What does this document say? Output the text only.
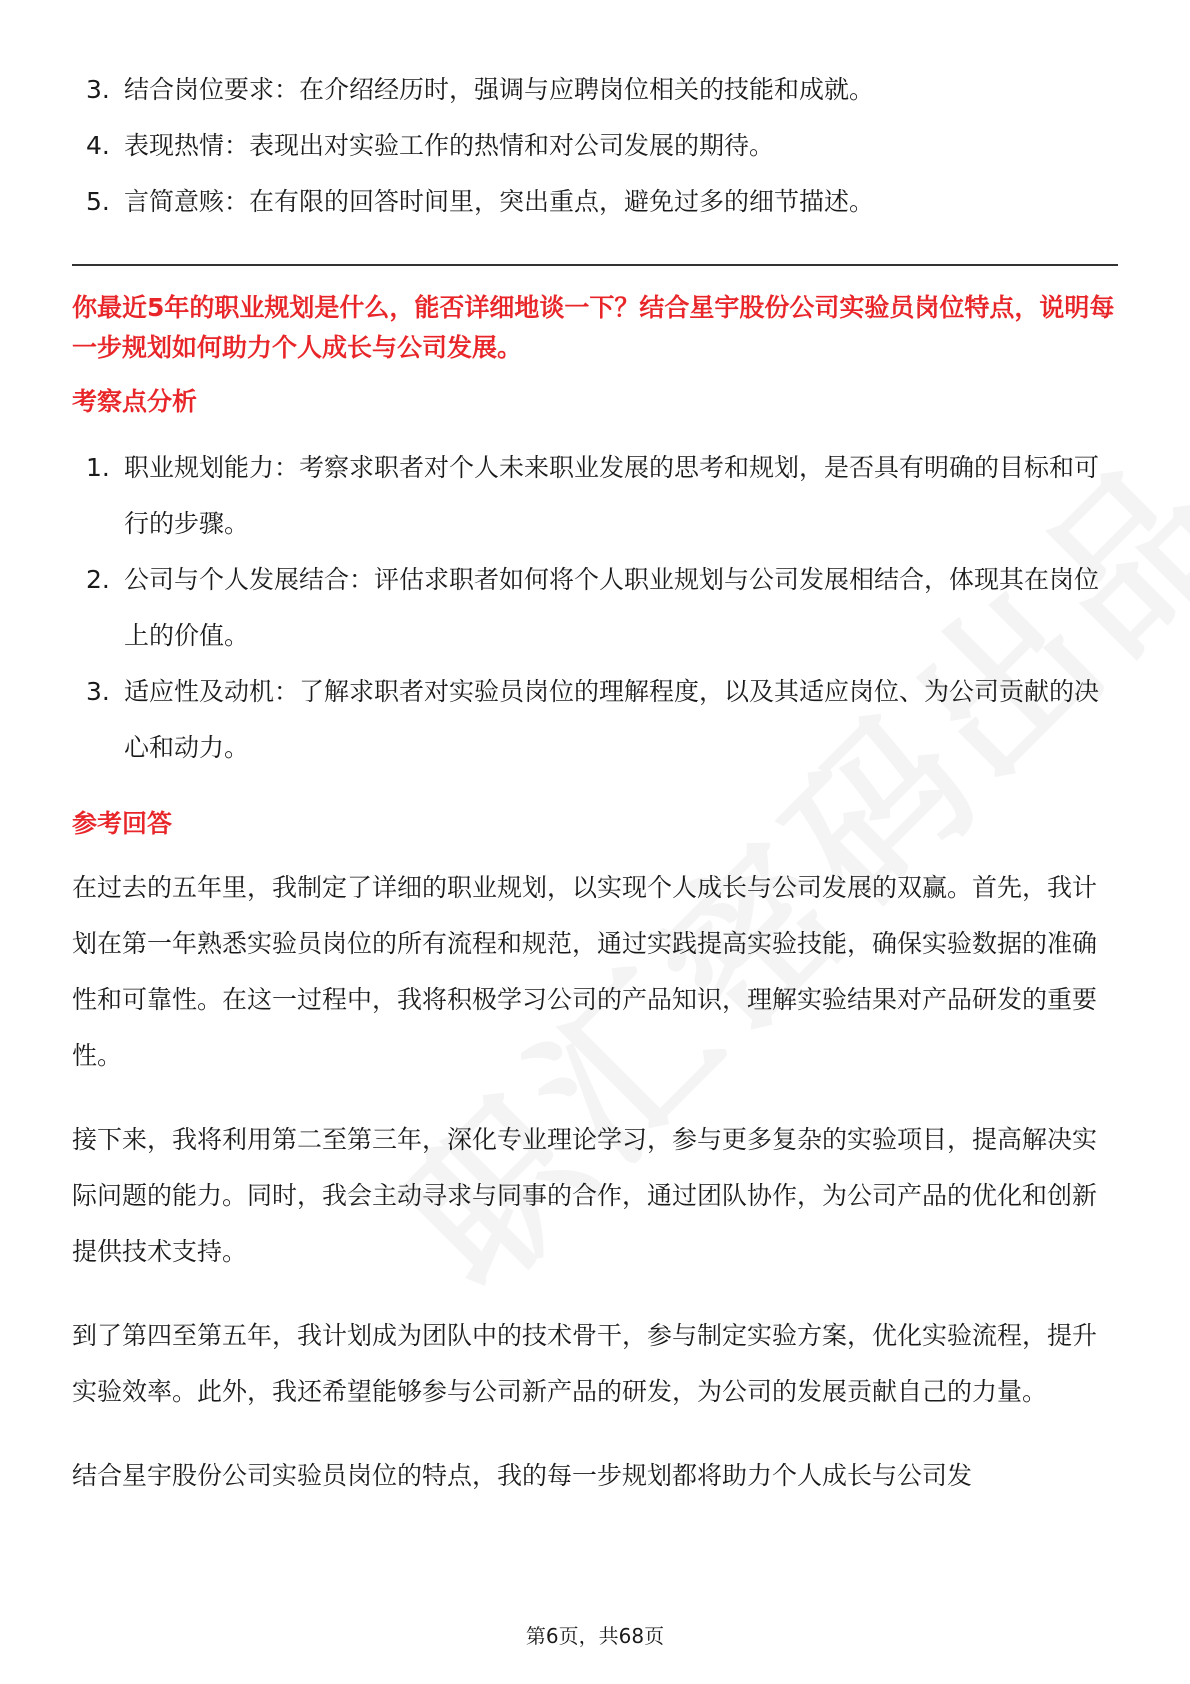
3. 结合岗位要求：在介绍经历时，强调与应聘岗位相关的技能和成就。
4. 表现热情：表现出对实验工作的热情和对公司发展的期待。
5. 言简意赅：在有限的回答时间里，突出重点，避免过多的细节描述。
你最近5年的职业规划是什么，能否详细地谈一下？结合星宇股份公司实验员岗位特点，说明每一步规划如何助力个人成长与公司发展。
考察点分析
1. 职业规划能力：考察求职者对个人未来职业发展的思考和规划，是否具有明确的目标和可行的步骤。
2. 公司与个人发展结合：评估求职者如何将个人职业规划与公司发展相结合，体现其在岗位上的价值。
3. 适应性及动机：了解求职者对实验员岗位的理解程度，以及其适应岗位、为公司贡献的决心和动力。
参考回答

在过去的五年里，我制定了详细的职业规划，以实现个人成长与公司发展的双赢。首先，我计划在第一年熟悉实验员岗位的所有流程和规范，通过实践提高实验技能，确保实验数据的准确性和可靠性。在这一过程中，我将积极学习公司的产品知识，理解实验结果对产品研发的重要性。

接下来，我将利用第二至第三年，深化专业理论学习，参与更多复杂的实验项目，提高解决实际问题的能力。同时，我会主动寻求与同事的合作，通过团队协作，为公司产品的优化和创新提供技术支持。

到了第四至第五年，我计划成为团队中的技术骨干，参与制定实验方案，优化实验流程，提升实验效率。此外，我还希望能够参与公司新产品的研发，为公司的发展贡献自己的力量。

结合星宇股份公司实验员岗位的特点，我的每一步规划都将助力个人成长与公司发

第6页，共68页
